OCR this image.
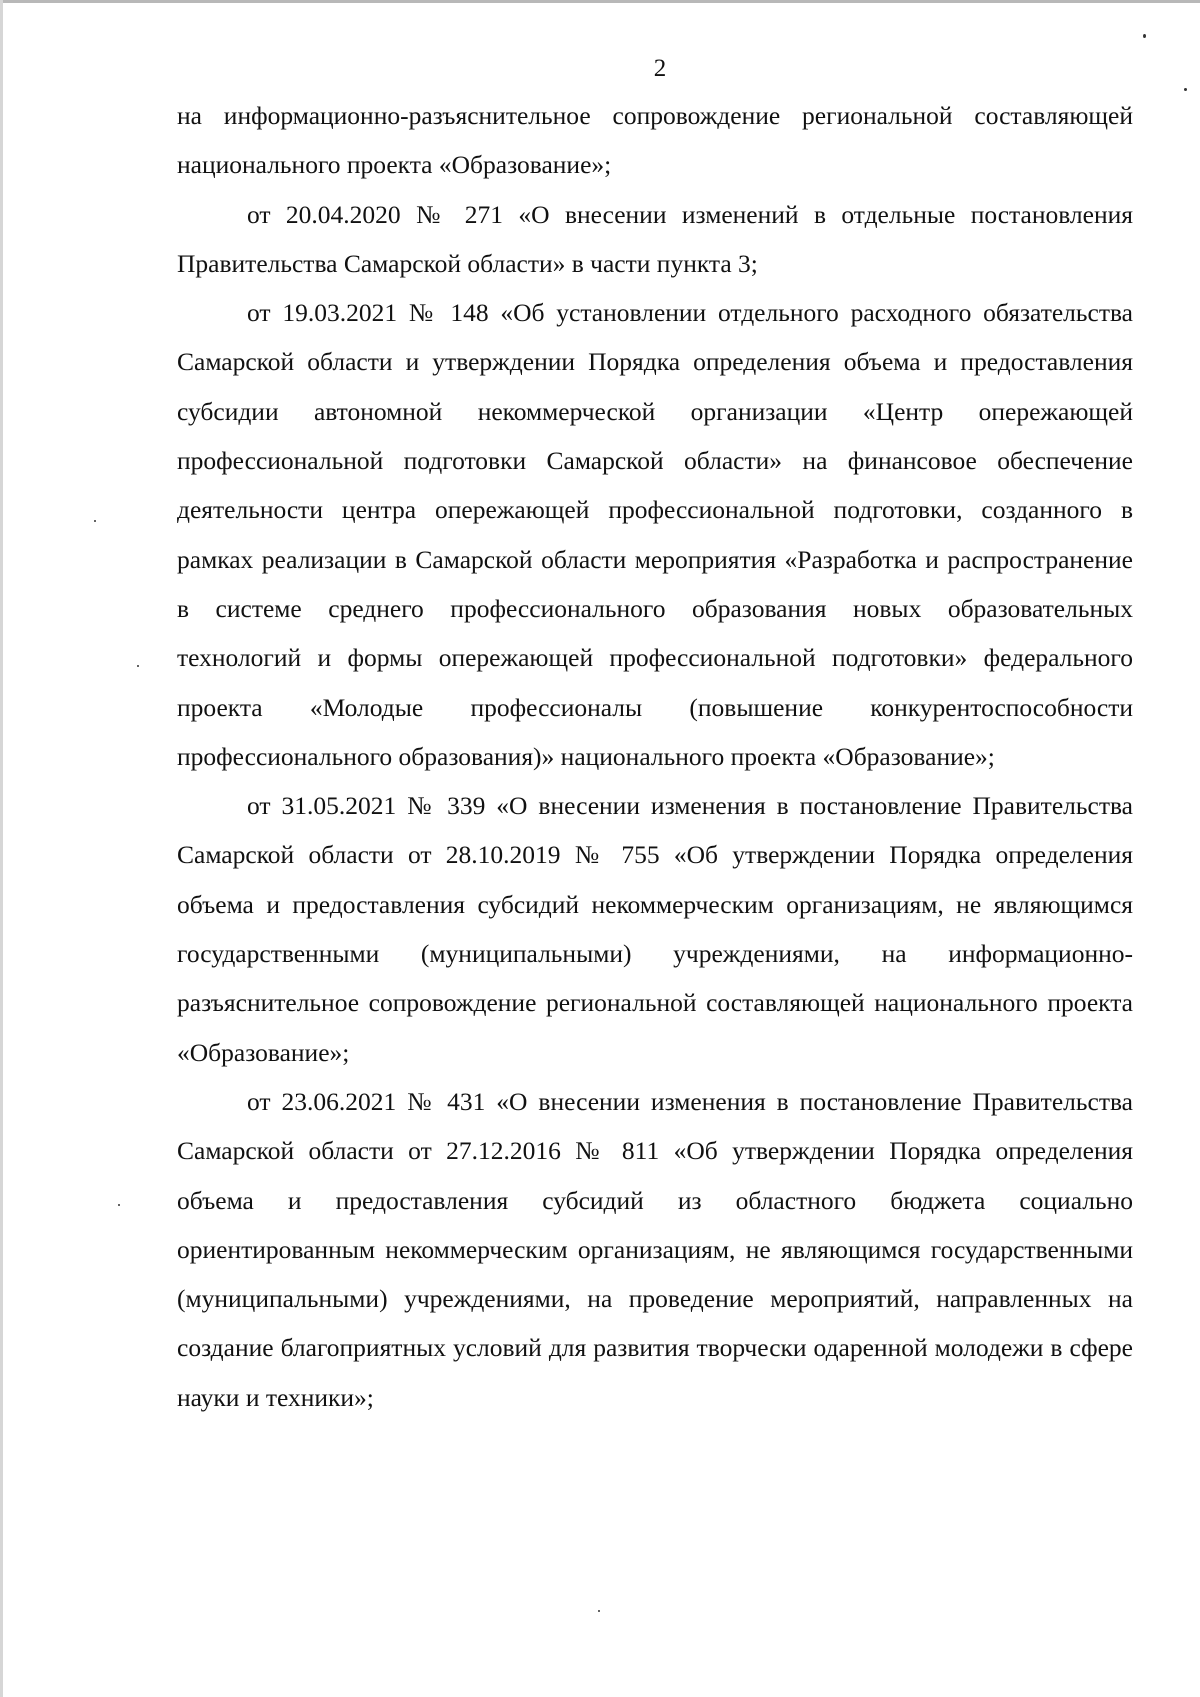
2

на информационно-разъяснительное сопровождение региональной составляющей национального проекта «Образование»;

от 20.04.2020 № 271 «О внесении изменений в отдельные постановления Правительства Самарской области» в части пункта 3;

от 19.03.2021 № 148 «Об установлении отдельного расходного обязательства Самарской области и утверждении Порядка определения объема и предоставления субсидии автономной некоммерческой организации «Центр опережающей профессиональной подготовки Самарской области» на финансовое обеспечение деятельности центра опережающей профессиональной подготовки, созданного в рамках реализации в Самарской области мероприятия «Разработка и распространение в системе среднего профессионального образования новых образовательных технологий и формы опережающей профессиональной подготовки» федерального проекта «Молодые профессионалы (повышение конкурентоспособности профессионального образования)» национального проекта «Образование»;

от 31.05.2021 № 339 «О внесении изменения в постановление Правительства Самарской области от 28.10.2019 № 755 «Об утверждении Порядка определения объема и предоставления субсидий некоммерческим организациям, не являющимся государственными (муниципальными) учреждениями, на информационно-разъяснительное сопровождение региональной составляющей национального проекта «Образование»;

от 23.06.2021 № 431 «О внесении изменения в постановление Правительства Самарской области от 27.12.2016 № 811 «Об утверждении Порядка определения объема и предоставления субсидий из областного бюджета социально ориентированным некоммерческим организациям, не являющимся государственными (муниципальными) учреждениями, на проведение мероприятий, направленных на создание благоприятных условий для развития творчески одаренной молодежи в сфере науки и техники»;
